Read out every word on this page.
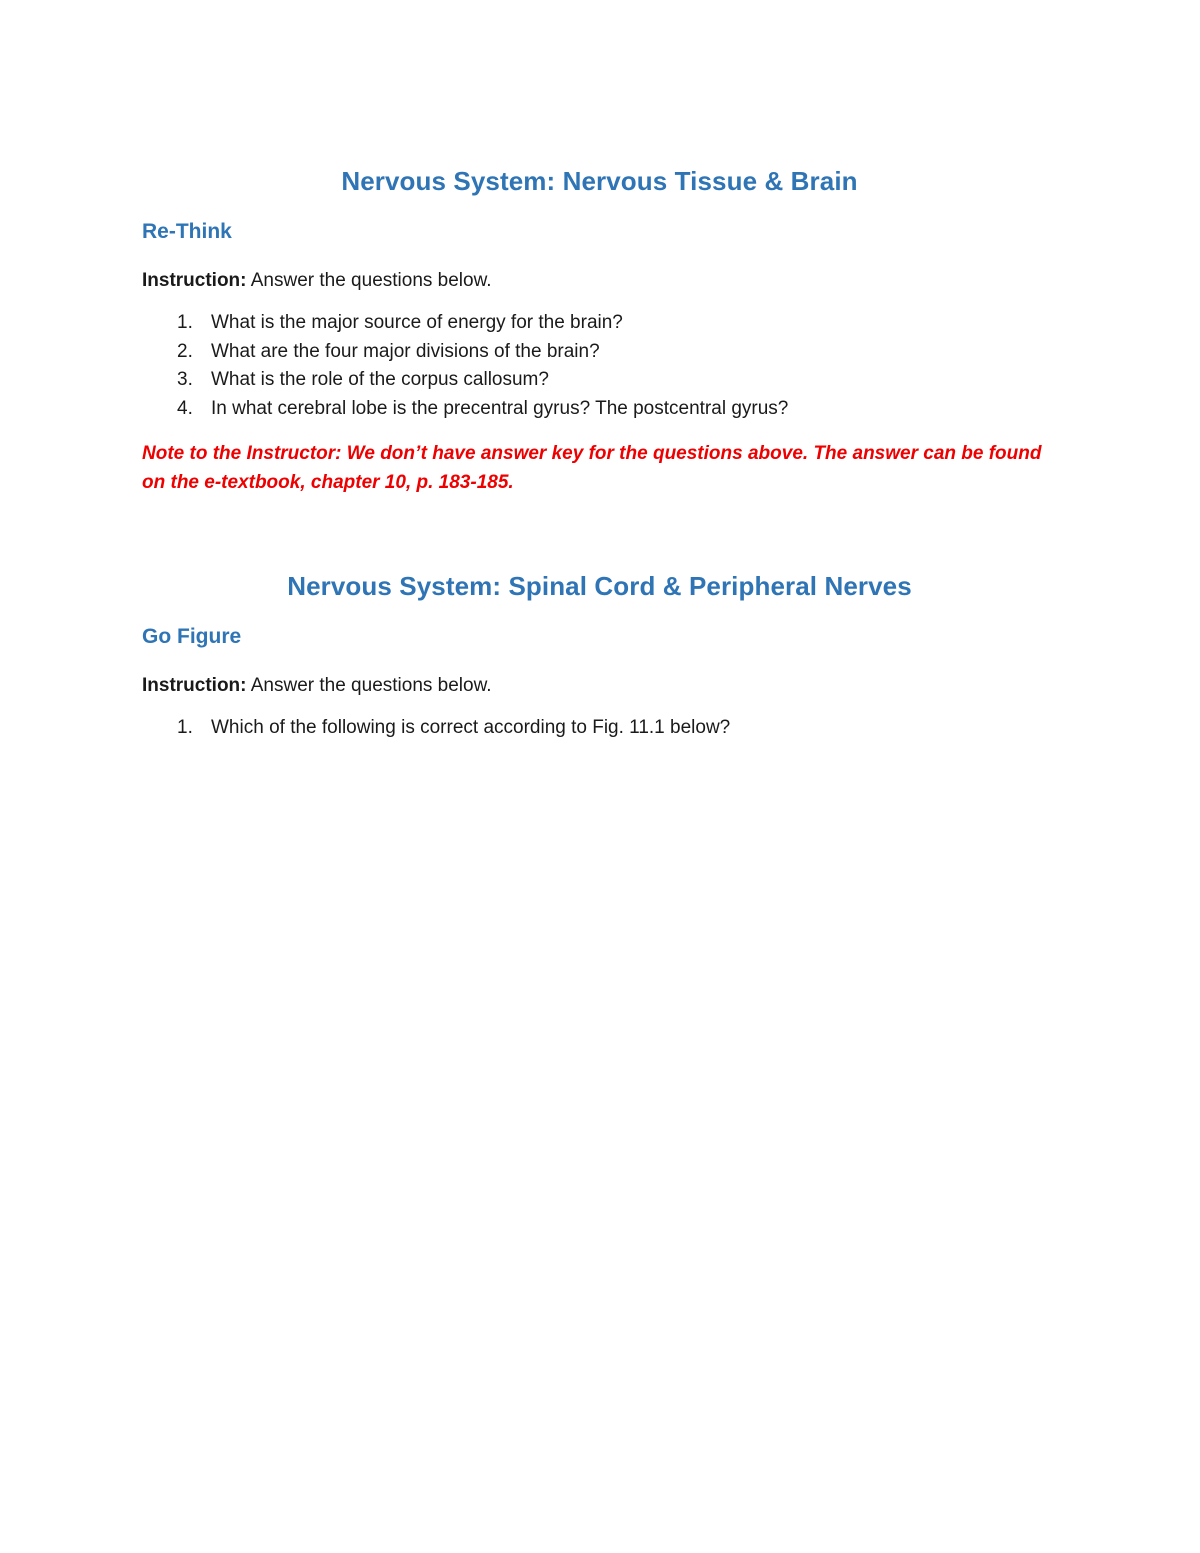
Nervous System: Nervous Tissue & Brain
Re-Think

Instruction: Answer the questions below.

1. What is the major source of energy for the brain?
2. What are the four major divisions of the brain?
3. What is the role of the corpus callosum?
4. In what cerebral lobe is the precentral gyrus? The postcentral gyrus?

Note to the Instructor: We don’t have answer key for the questions above. The answer can be found on the e-textbook, chapter 10, p. 183-185.

Nervous System: Spinal Cord & Peripheral Nerves
Go Figure

Instruction: Answer the questions below.

1. Which of the following is correct according to Fig. 11.1 below?
